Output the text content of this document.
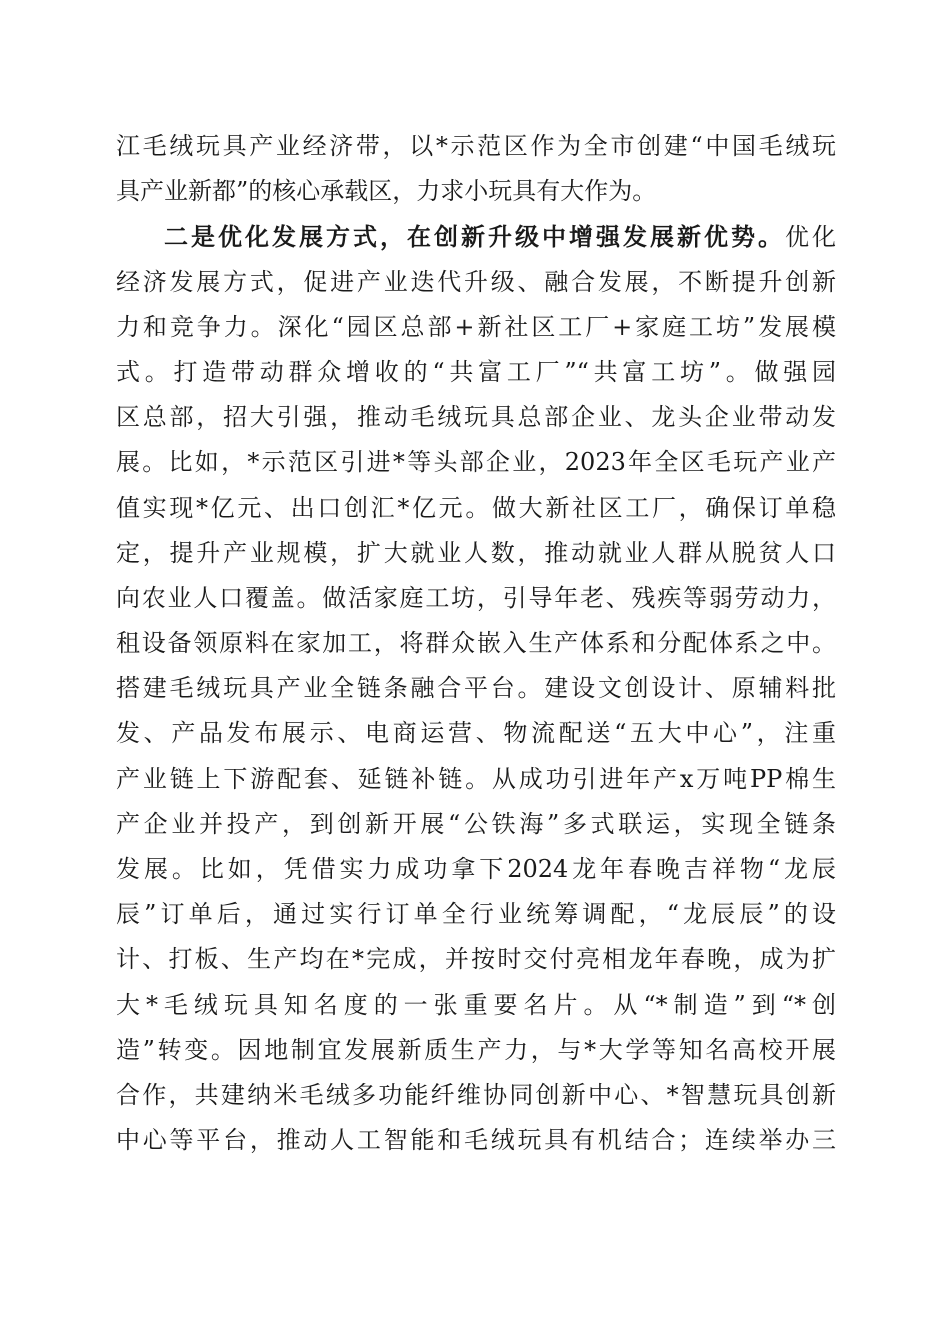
江毛绒玩具产业经济带，以*示范区作为全市创建“中国毛绒玩
具产业新都”的核心承载区，力求小玩具有大作为。
二是优化发展方式，在创新升级中增强发展新优势。优化
经济发展方式，促进产业迭代升级、融合发展，不断提升创新
力和竞争力。深化“园区总部+新社区工厂+家庭工坊”发展模
式。打造带动群众增收的“共富工厂”“共富工坊”。做强园
区总部，招大引强，推动毛绒玩具总部企业、龙头企业带动发
展。比如，*示范区引进*等头部企业，2023年全区毛玩产业产
值实现*亿元、出口创汇*亿元。做大新社区工厂，确保订单稳
定，提升产业规模，扩大就业人数，推动就业人群从脱贫人口
向农业人口覆盖。做活家庭工坊，引导年老、残疾等弱劳动力，
租设备领原料在家加工，将群众嵌入生产体系和分配体系之中。
搭建毛绒玩具产业全链条融合平台。建设文创设计、原辅料批
发、产品发布展示、电商运营、物流配送“五大中心”，注重
产业链上下游配套、延链补链。从成功引进年产x万吨PP棉生
产企业并投产，到创新开展“公铁海”多式联运，实现全链条
发展。比如，凭借实力成功拿下2024龙年春晚吉祥物“龙辰
辰”订单后，通过实行订单全行业统筹调配，“龙辰辰”的设
计、打板、生产均在*完成，并按时交付亮相龙年春晚，成为扩
大*毛绒玩具知名度的一张重要名片。从“*制造”到“*创
造”转变。因地制宜发展新质生产力，与*大学等知名高校开展
合作，共建纳米毛绒多功能纤维协同创新中心、*智慧玩具创新
中心等平台，推动人工智能和毛绒玩具有机结合；连续举办三
